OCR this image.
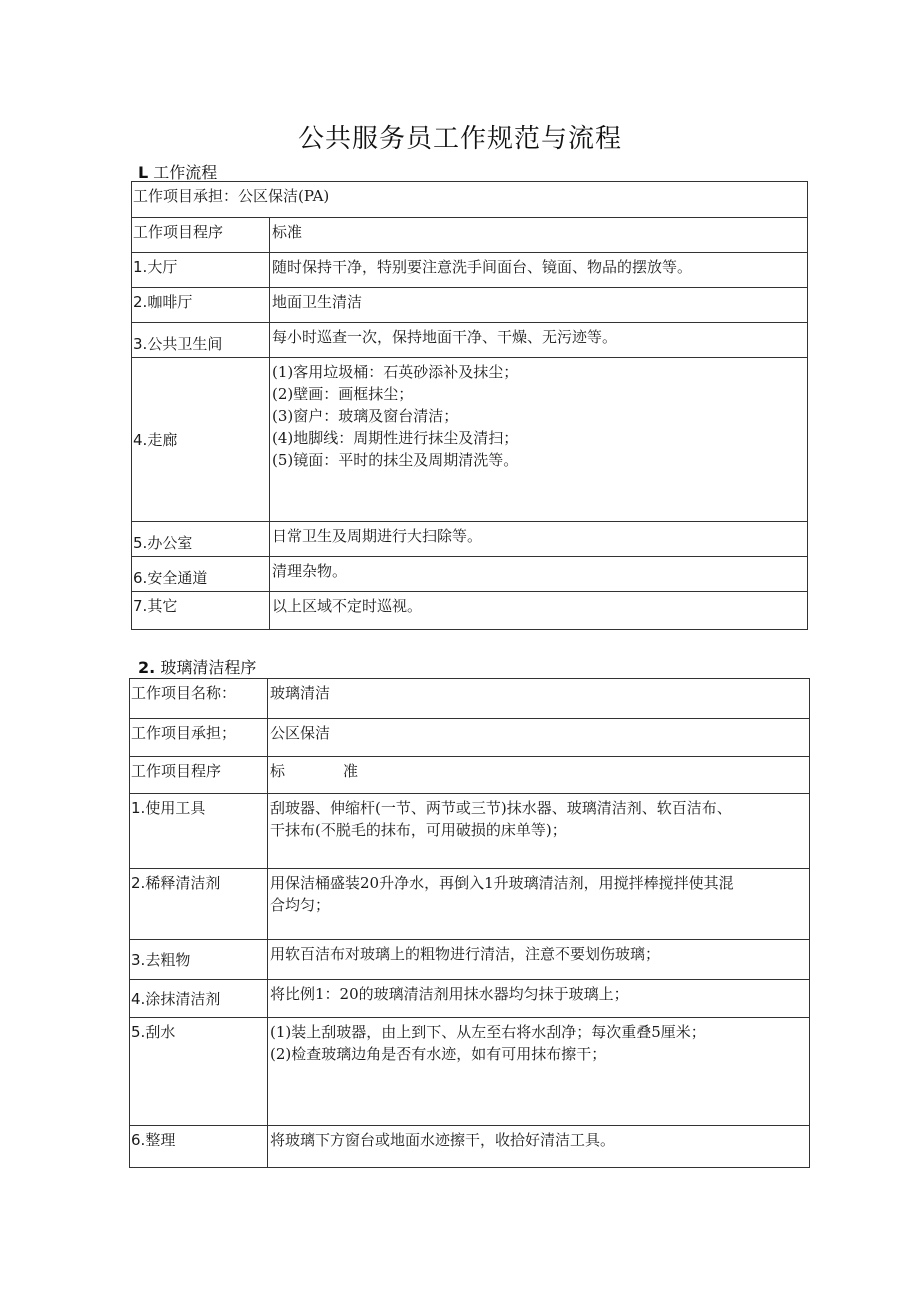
公共服务员工作规范与流程
L 工作流程
工作项目承担：公区保洁(PA)	
工作项目程序	标准
1.大厅	随时保持干净，特别要注意洗手间面台、镜面、物品的摆放等。

2.咖啡厅	地面卫生清洁

3.公共卫生间	每小时巡查一次，保持地面干净、干燥、无污迹等。

4.走廊	(1)客用垃圾桶：石英砂添补及抹尘；
(2)壁画：画框抹尘；
(3)窗户：玻璃及窗台清洁；
(4)地脚线：周期性进行抹尘及清扫；
(5)镜面：平时的抹尘及周期清洗等。

5.办公室	日常卫生及周期进行大扫除等。

6.安全通道	清理杂物。

7.其它	以上区域不定时巡视。
2. 玻璃清洁程序
工作项目名称：	玻璃清洁
工作项目承担；	公区保洁
工作项目程序	标 准
1.使用工具	刮玻器、伸缩杆(一节、两节或三节)抹水器、玻璃清洁剂、软百洁布、
干抹布(不脱毛的抹布，可用破损的床单等)；

2.稀释清洁剂	用保洁桶盛装20升净水，再倒入1升玻璃清洁剂，用搅拌棒搅拌使其混
合均匀；

3.去粗物	用软百洁布对玻璃上的粗物进行清洁，注意不要划伤玻璃；

4.涂抹清洁剂	将比例1：20的玻璃清洁剂用抹水器均匀抹于玻璃上；

5.刮水	(1)装上刮玻器，由上到下、从左至右将水刮净；每次重叠5厘米；
(2)检查玻璃边角是否有水迹，如有可用抹布擦干；

6.整理	将玻璃下方窗台或地面水迹擦干，收拾好清洁工具。
